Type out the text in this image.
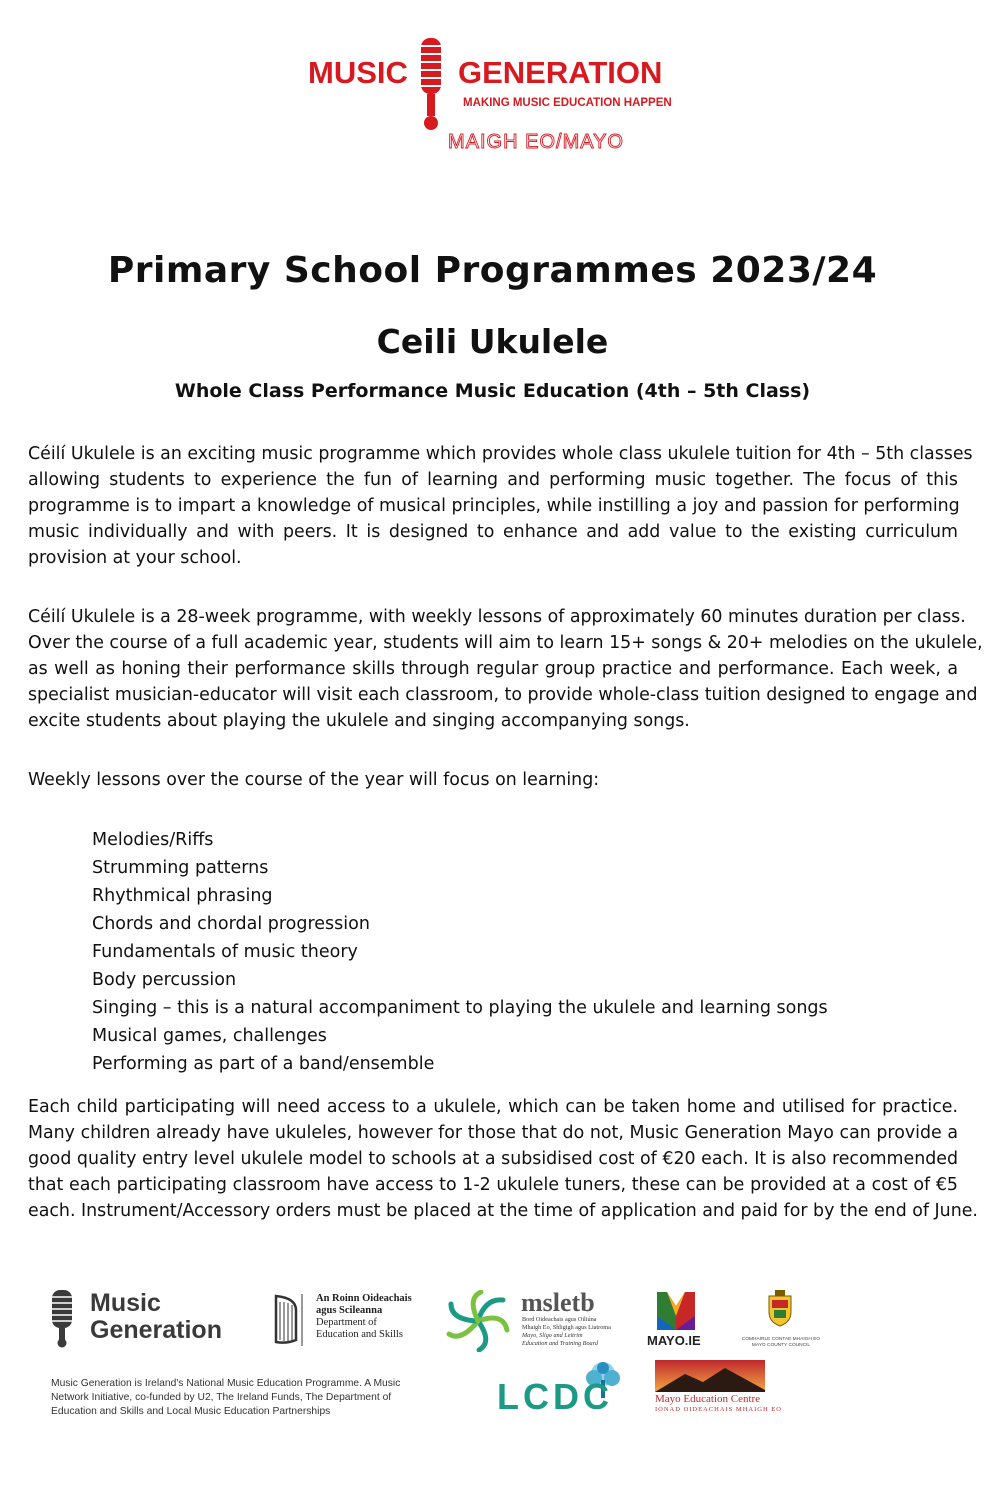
MUSIC GENERATION
MAKING MUSIC EDUCATION HAPPEN
MAIGH EO/MAYO
Primary School Programmes 2023/24
Ceili Ukulele
Whole Class Performance Music Education (4th – 5th Class)
Céilí Ukulele is an exciting music programme which provides whole class ukulele tuition for 4th – 5th classes
allowing students to experience the fun of learning and performing music together. The focus of this
programme is to impart a knowledge of musical principles, while instilling a joy and passion for performing
music individually and with peers. It is designed to enhance and add value to the existing curriculum
provision at your school.
Céilí Ukulele is a 28-week programme, with weekly lessons of approximately 60 minutes duration per class.
Over the course of a full academic year, students will aim to learn 15+ songs & 20+ melodies on the ukulele,
as well as honing their performance skills through regular group practice and performance. Each week, a
specialist musician-educator will visit each classroom, to provide whole-class tuition designed to engage and
excite students about playing the ukulele and singing accompanying songs.
Weekly lessons over the course of the year will focus on learning:
Melodies/Riffs
Strumming patterns
Rhythmical phrasing
Chords and chordal progression
Fundamentals of music theory
Body percussion
Singing – this is a natural accompaniment to playing the ukulele and learning songs
Musical games, challenges
Performing as part of a band/ensemble
Each child participating will need access to a ukulele, which can be taken home and utilised for practice.
Many children already have ukuleles, however for those that do not, Music Generation Mayo can provide a
good quality entry level ukulele model to schools at a subsidised cost of €20 each. It is also recommended
that each participating classroom have access to 1-2 ukulele tuners, these can be provided at a cost of €5
each. Instrument/Accessory orders must be placed at the time of application and paid for by the end of June.
Music
Generation
Music Generation is Ireland's National Music Education Programme. A Music Network Initiative, co-funded by U2, The Ireland Funds, The Department of Education and Skills and Local Music Education Partnerships
An Roinn Oideachais
agus Scileanna
Department of
Education and Skills
msletb
Bord Oideachais agus Oiliúna
Mhaigh Eo, Shligigh agus Liatroma
Mayo, Sligo and Leitrim
Education and Training Board	MAYO.IE	COMHAIRLE CONTAE MHAIGH EO
MAYO COUNTY COUNCIL
LCDC	Mayo Education Centre
IONAD OIDEACHAIS MHAIGH EO
